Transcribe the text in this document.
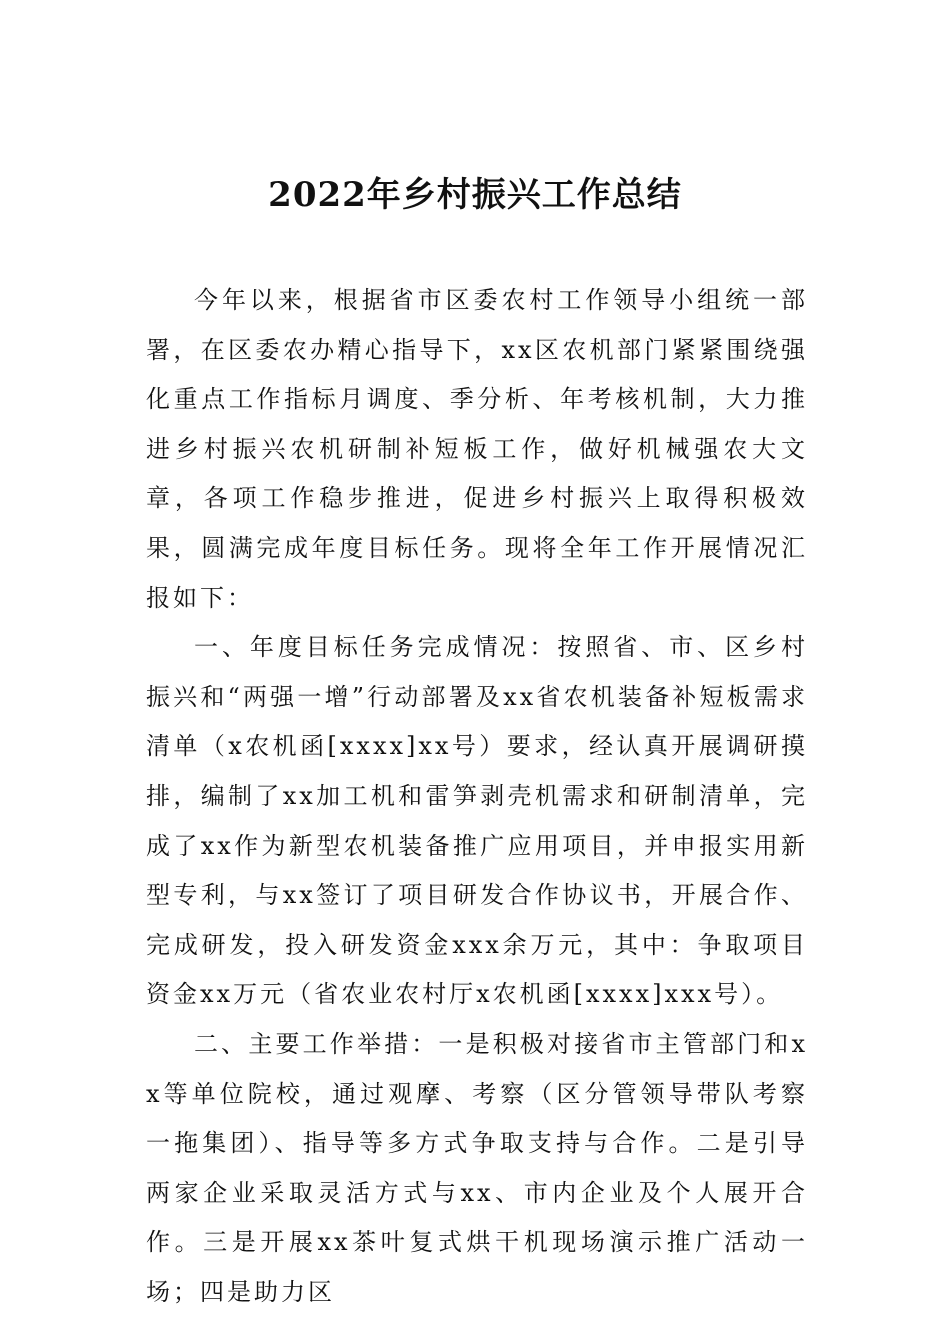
2022年乡村振兴工作总结

今年以来，根据省市区委农村工作领导小组统一部署，在区委农办精心指导下，xx区农机部门紧紧围绕强化重点工作指标月调度、季分析、年考核机制，大力推进乡村振兴农机研制补短板工作，做好机械强农大文章，各项工作稳步推进，促进乡村振兴上取得积极效果，圆满完成年度目标任务。现将全年工作开展情况汇报如下：

一、年度目标任务完成情况：按照省、市、区乡村振兴和“两强一增”行动部署及xx省农机装备补短板需求清单（x农机函[xxxx]xx号）要求，经认真开展调研摸排，编制了xx加工机和雷笋剥壳机需求和研制清单，完成了xx作为新型农机装备推广应用项目，并申报实用新型专利，与xx签订了项目研发合作协议书，开展合作、完成研发，投入研发资金xxx余万元，其中：争取项目资金xx万元（省农业农村厅x农机函[xxxx]xxx号）。

二、主要工作举措：一是积极对接省市主管部门和xx等单位院校，通过观摩、考察（区分管领导带队考察一拖集团）、指导等多方式争取支持与合作。二是引导两家企业采取灵活方式与xx、市内企业及个人展开合作。三是开展xx茶叶复式烘干机现场演示推广活动一场；四是助力区
